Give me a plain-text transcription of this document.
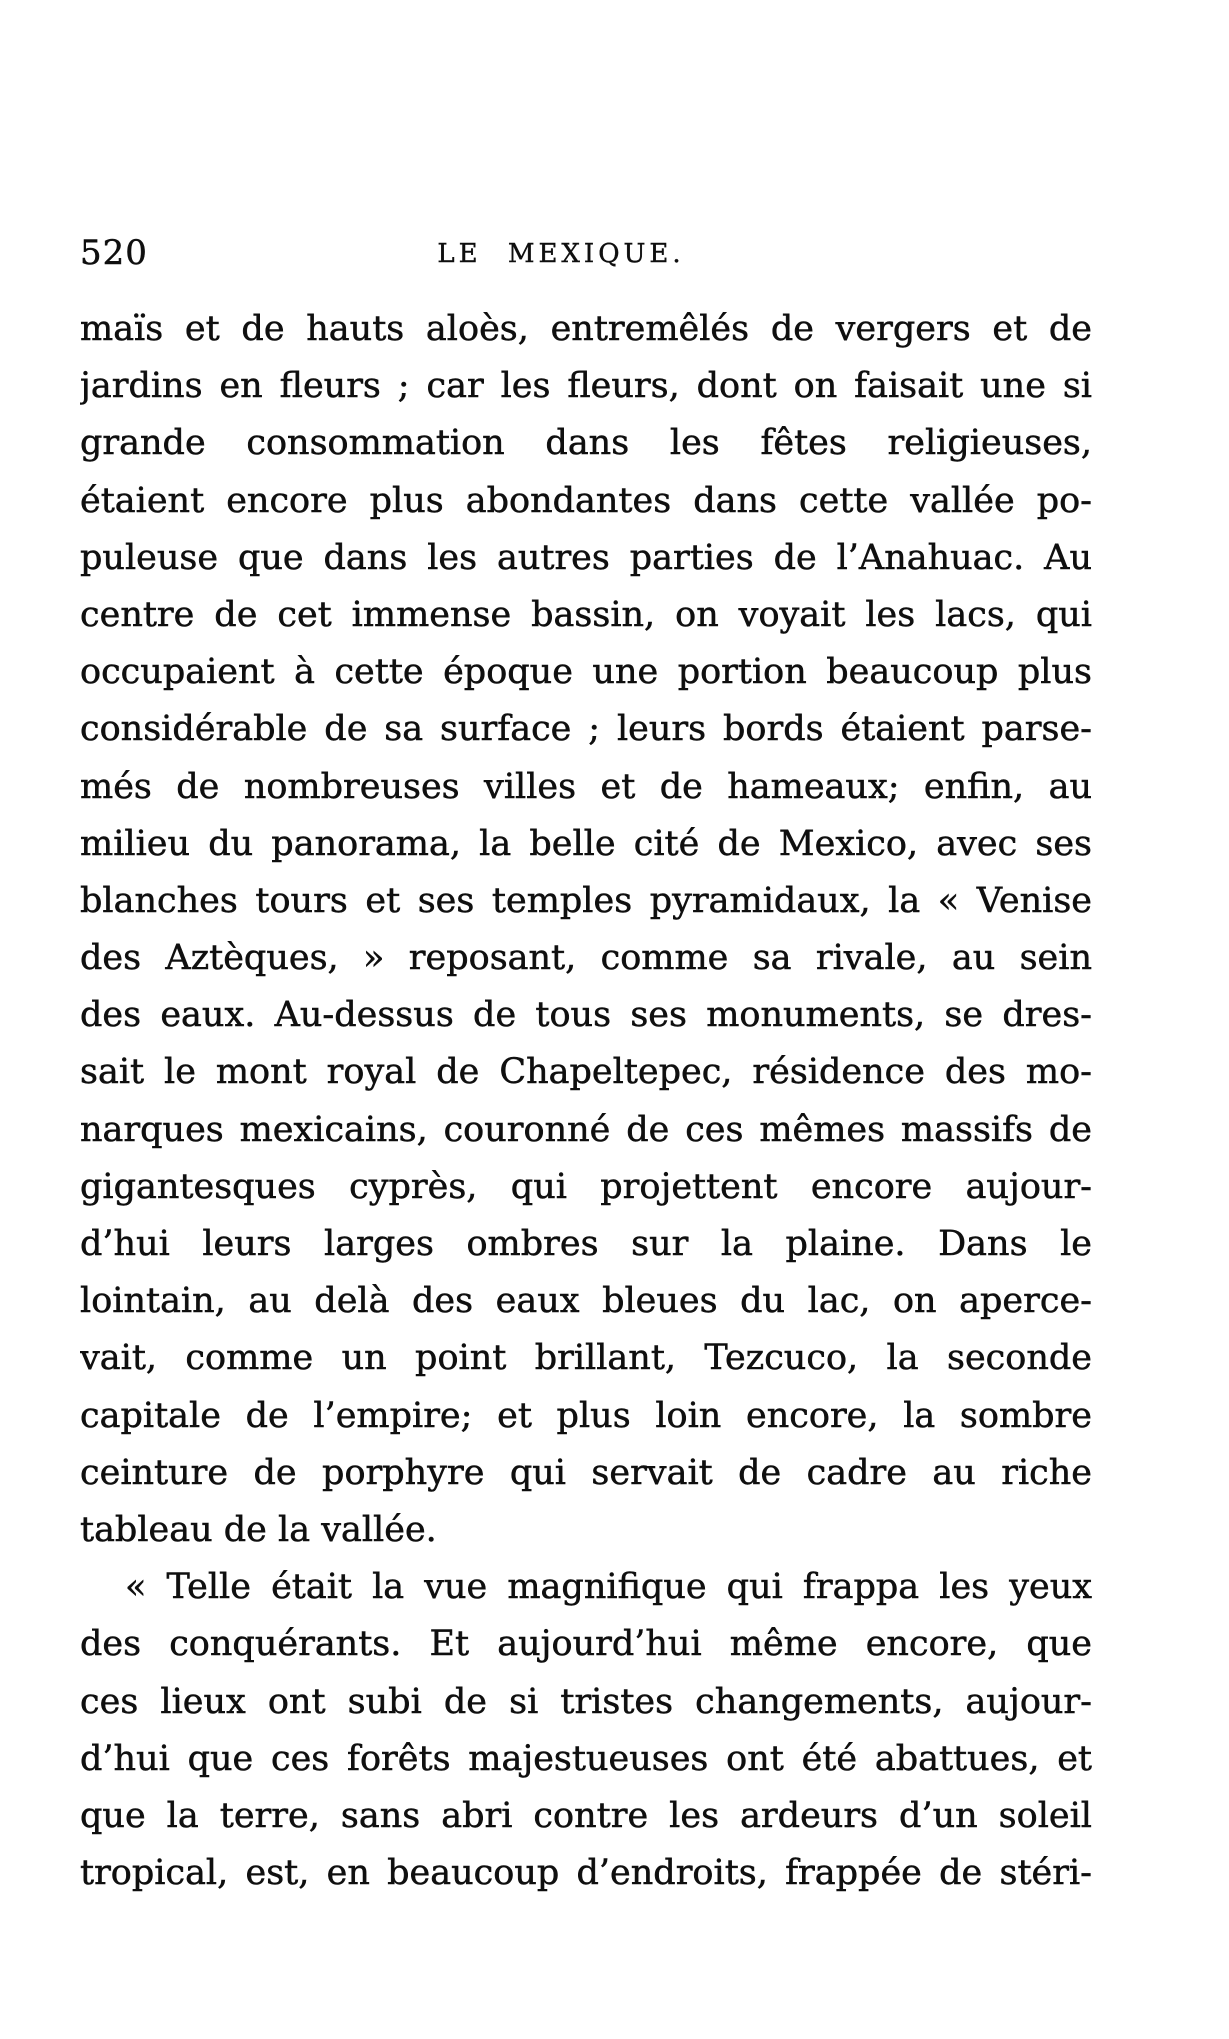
520	LE MEXIQUE.
maïs et de hauts aloès, entremêlés de vergers et de
jardins en fleurs ; car les fleurs, dont on faisait une si
grande consommation dans les fêtes religieuses,
étaient encore plus abondantes dans cette vallée po-
puleuse que dans les autres parties de l’Anahuac. Au
centre de cet immense bassin, on voyait les lacs, qui
occupaient à cette époque une portion beaucoup plus
considérable de sa surface ; leurs bords étaient parse-
més de nombreuses villes et de hameaux; enfin, au
milieu du panorama, la belle cité de Mexico, avec ses
blanches tours et ses temples pyramidaux, la « Venise
des Aztèques, » reposant, comme sa rivale, au sein
des eaux. Au-dessus de tous ses monuments, se dres-
sait le mont royal de Chapeltepec, résidence des mo-
narques mexicains, couronné de ces mêmes massifs de
gigantesques cyprès, qui projettent encore aujour-
d’hui leurs larges ombres sur la plaine. Dans le
lointain, au delà des eaux bleues du lac, on aperce-
vait, comme un point brillant, Tezcuco, la seconde
capitale de l’empire; et plus loin encore, la sombre
ceinture de porphyre qui servait de cadre au riche
tableau de la vallée.
« Telle était la vue magnifique qui frappa les yeux
des conquérants. Et aujourd’hui même encore, que
ces lieux ont subi de si tristes changements, aujour-
d’hui que ces forêts majestueuses ont été abattues, et
que la terre, sans abri contre les ardeurs d’un soleil
tropical, est, en beaucoup d’endroits, frappée de stéri-
